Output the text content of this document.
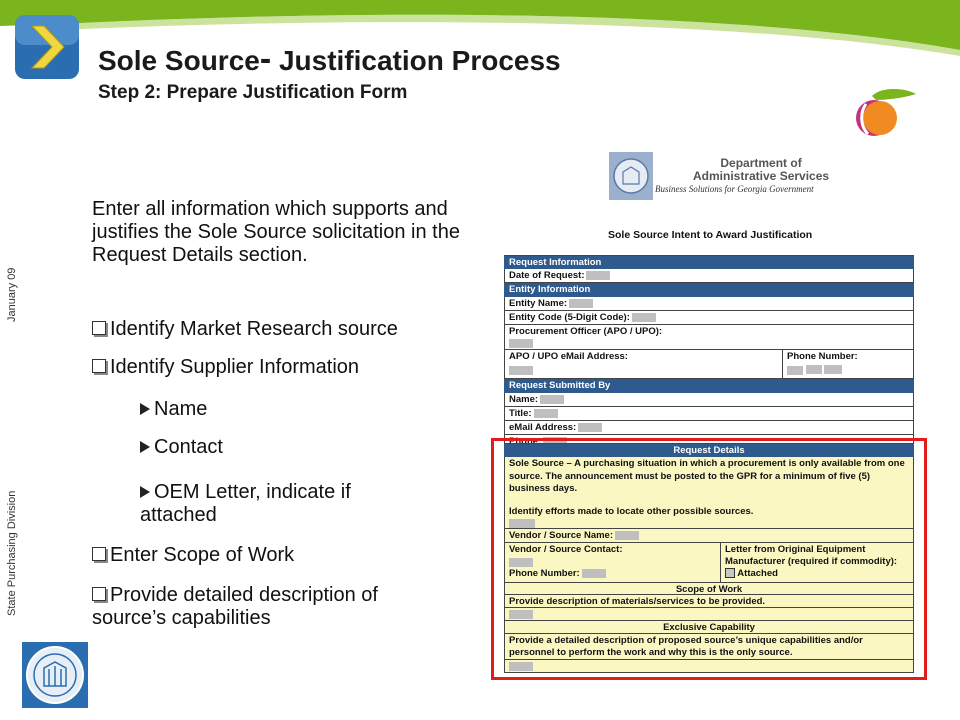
Sole Source- Justification Process
Step 2: Prepare Justification Form
January 09
State Purchasing Division
Enter all information which supports and justifies the Sole Source solicitation in the Request Details section.
Identify Market Research source
Identify Supplier Information
Name
Contact
OEM Letter, indicate if attached
Enter Scope of Work
Provide detailed description of source’s capabilities
Department of
Administrative Services
Business Solutions for Georgia Government
Sole Source Intent to Award Justification
Request Information
Date of Request:
Entity Information
Entity Name:
Entity Code (5-Digit Code):
Procurement Officer (APO / UPO):

APO / UPO eMail Address:	Phone Number:

Request Submitted By
Name:
Title:
eMail Address:
Phone:
Request Details
Sole Source – A purchasing situation in which a procurement is only available from one source. The announcement must be posted to the GPR for a minimum of five (5) business days.
Identify efforts made to locate other possible sources.
Vendor / Source Name:
Vendor / Source Contact:

Phone Number:
Letter from Original Equipment Manufacturer (required if commodity):
Attached
Scope of Work
Provide description of materials/services to be provided.
Exclusive Capability
Provide a detailed description of proposed source’s unique capabilities and/or personnel to perform the work and why this is the only source.
